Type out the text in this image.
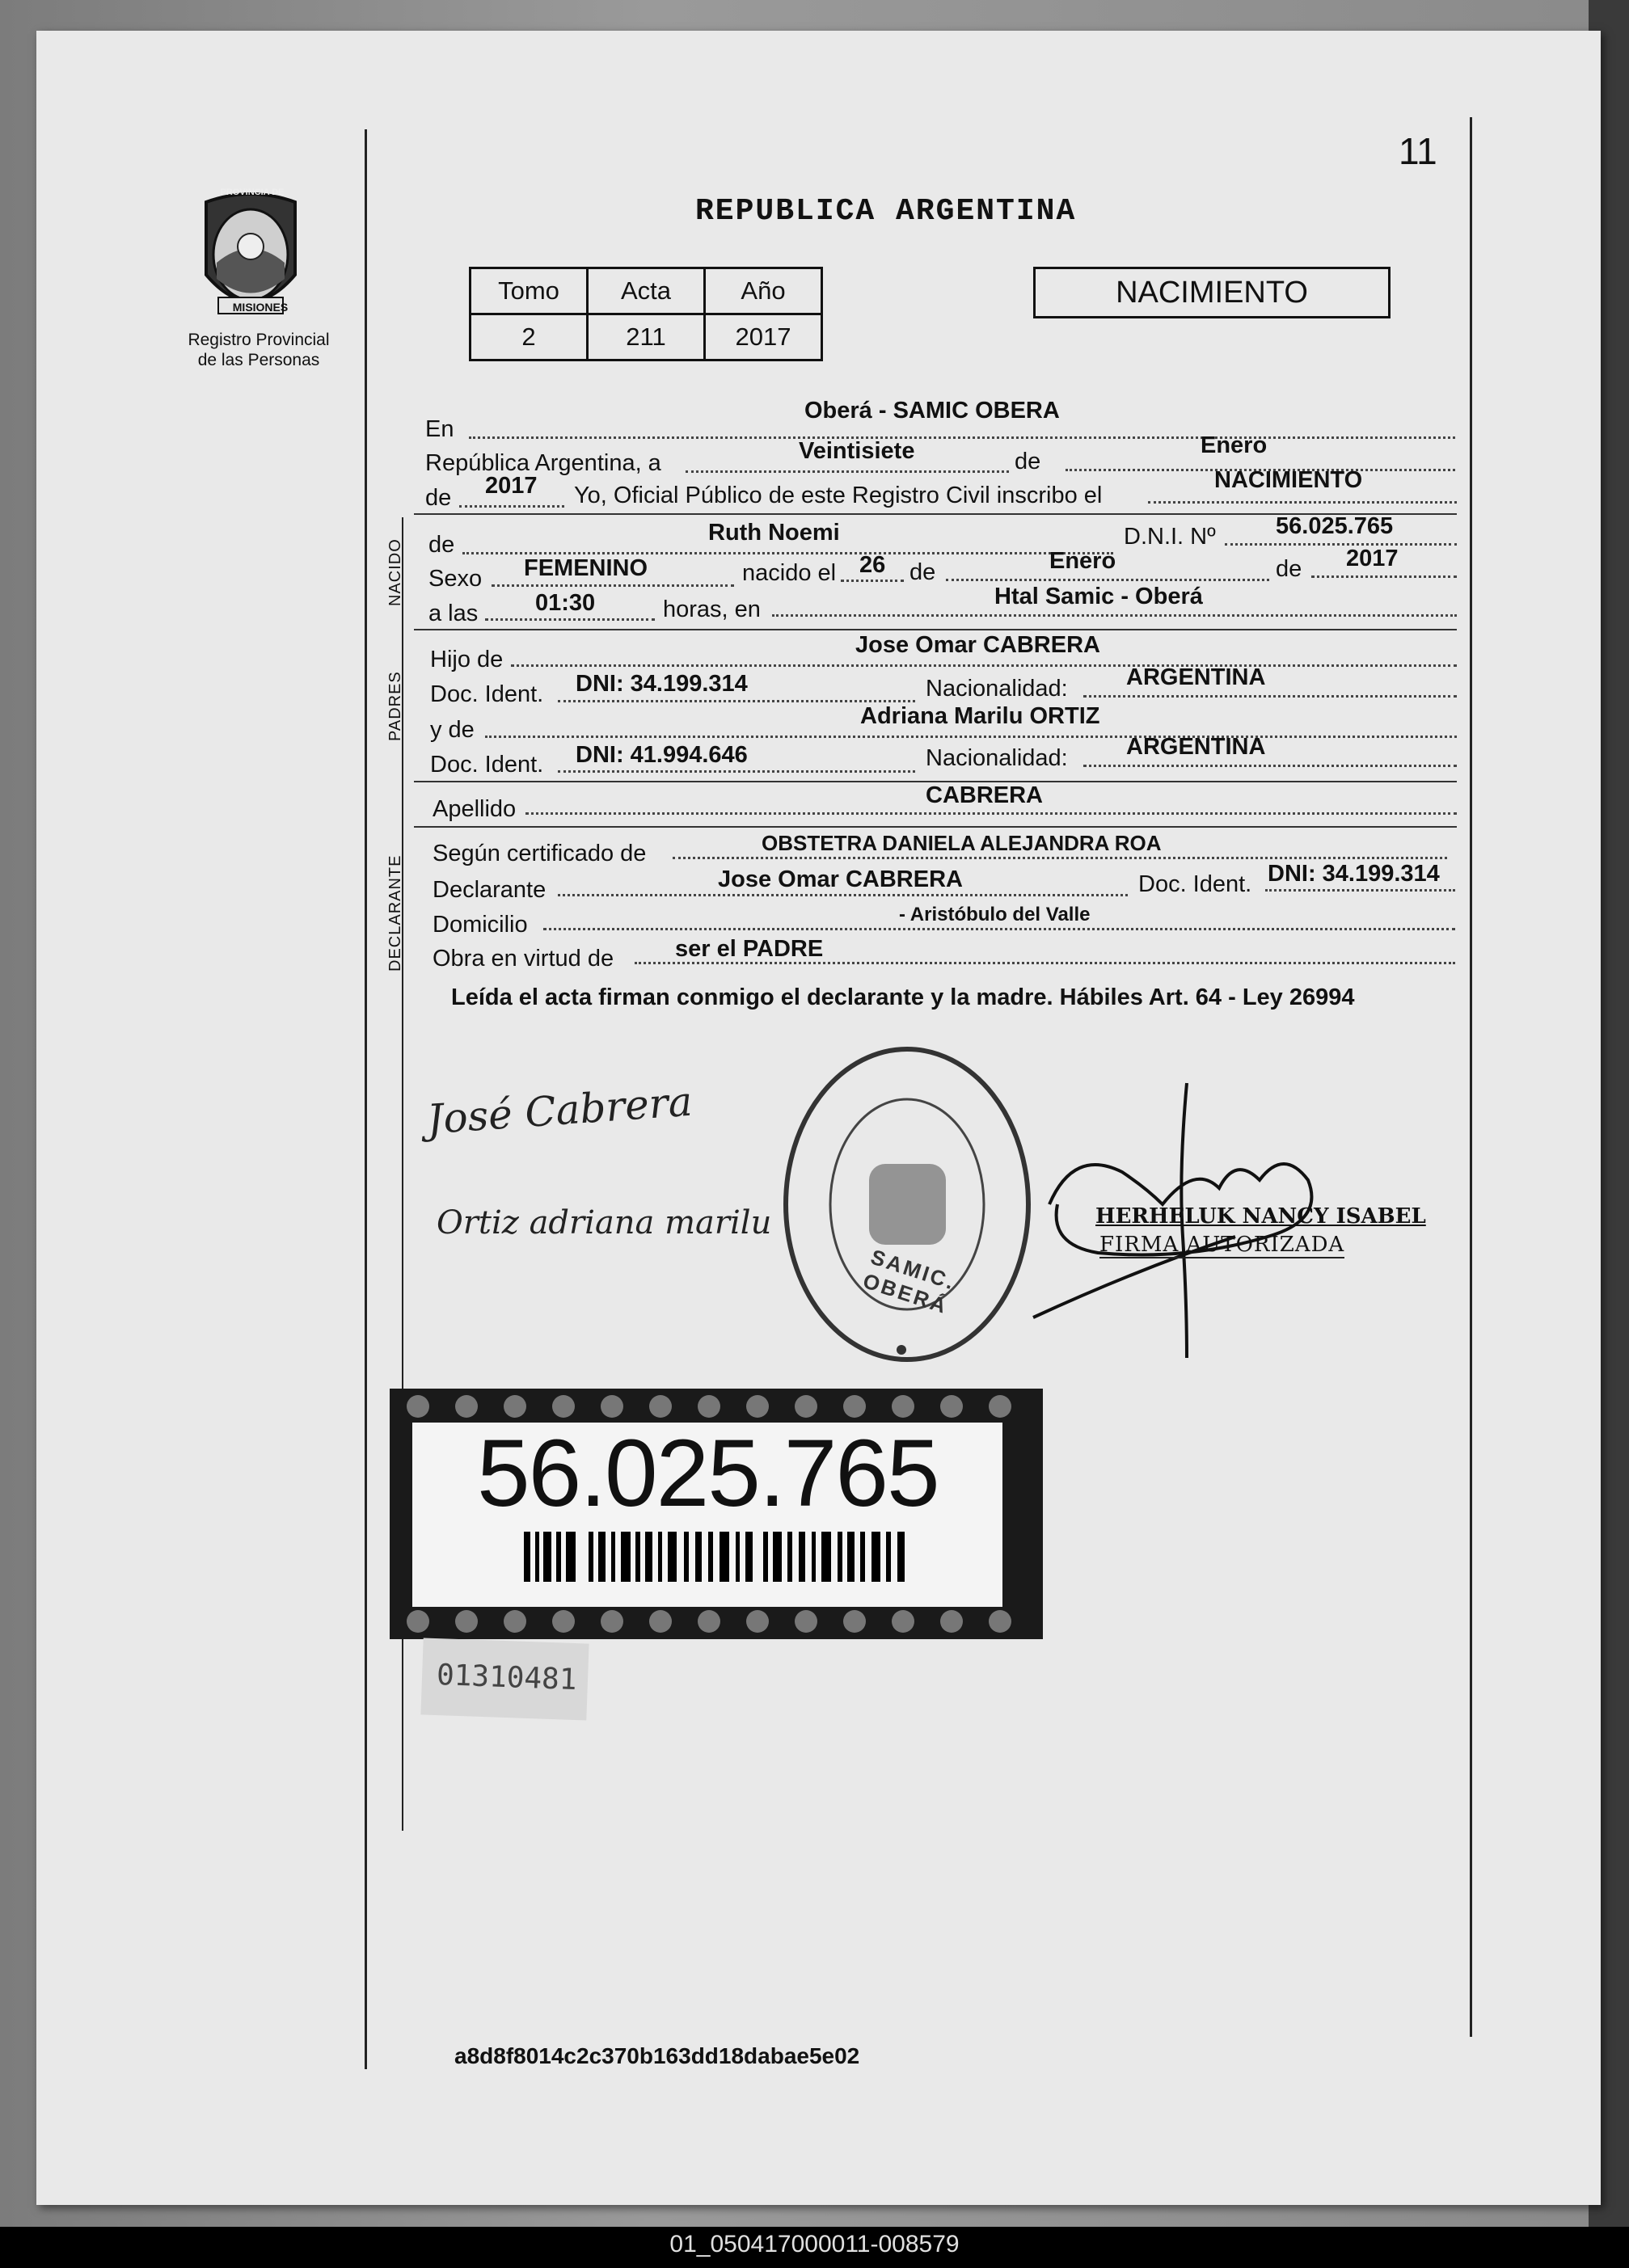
01_050417000011-008579
11
REPUBLICA ARGENTINA
PROVINCIA DE
MISIONES
Registro Provincial
de las Personas
Tomo	Acta	Año
2	211	2017
NACIMIENTO
En
Oberá - SAMIC OBERA
República Argentina, a	Veintisiete	de
Enero
de 2017 Yo, Oficial Público de este Registro Civil inscribo el
NACIMIENTO
NACIDO de	Ruth Noemi	D.N.I. Nº	56.025.765
Sexo FEMENINO	nacido el 26 de	Enero	de 2017
a las 01:30	horas, en	Htal Samic - Oberá
PADRES
Hijo de
Jose Omar CABRERA
Doc. Ident. DNI: 34.199.314	Nacionalidad: ARGENTINA
y de
Adriana Marilu ORTIZ
Doc. Ident. DNI: 41.994.646	Nacionalidad: ARGENTINA
Apellido
CABRERA
DECLARANTE
Según certificado de	OBSTETRA DANIELA ALEJANDRA ROA
Declarante	Jose Omar CABRERA	Doc. Ident. DNI: 34.199.314
Domicilio	- Aristóbulo del Valle
Obra en virtud de	ser el PADRE
Leída el acta firman conmigo el declarante y la madre. Hábiles Art. 64 - Ley 26994
José Cabrera
Ortiz adriana marilu
SAMIC. OBERÁ
HERHELUK NANCY ISABEL
FIRMA AUTORIZADA
56.025.765
01310481
a8d8f8014c2c370b163dd18dabae5e02
